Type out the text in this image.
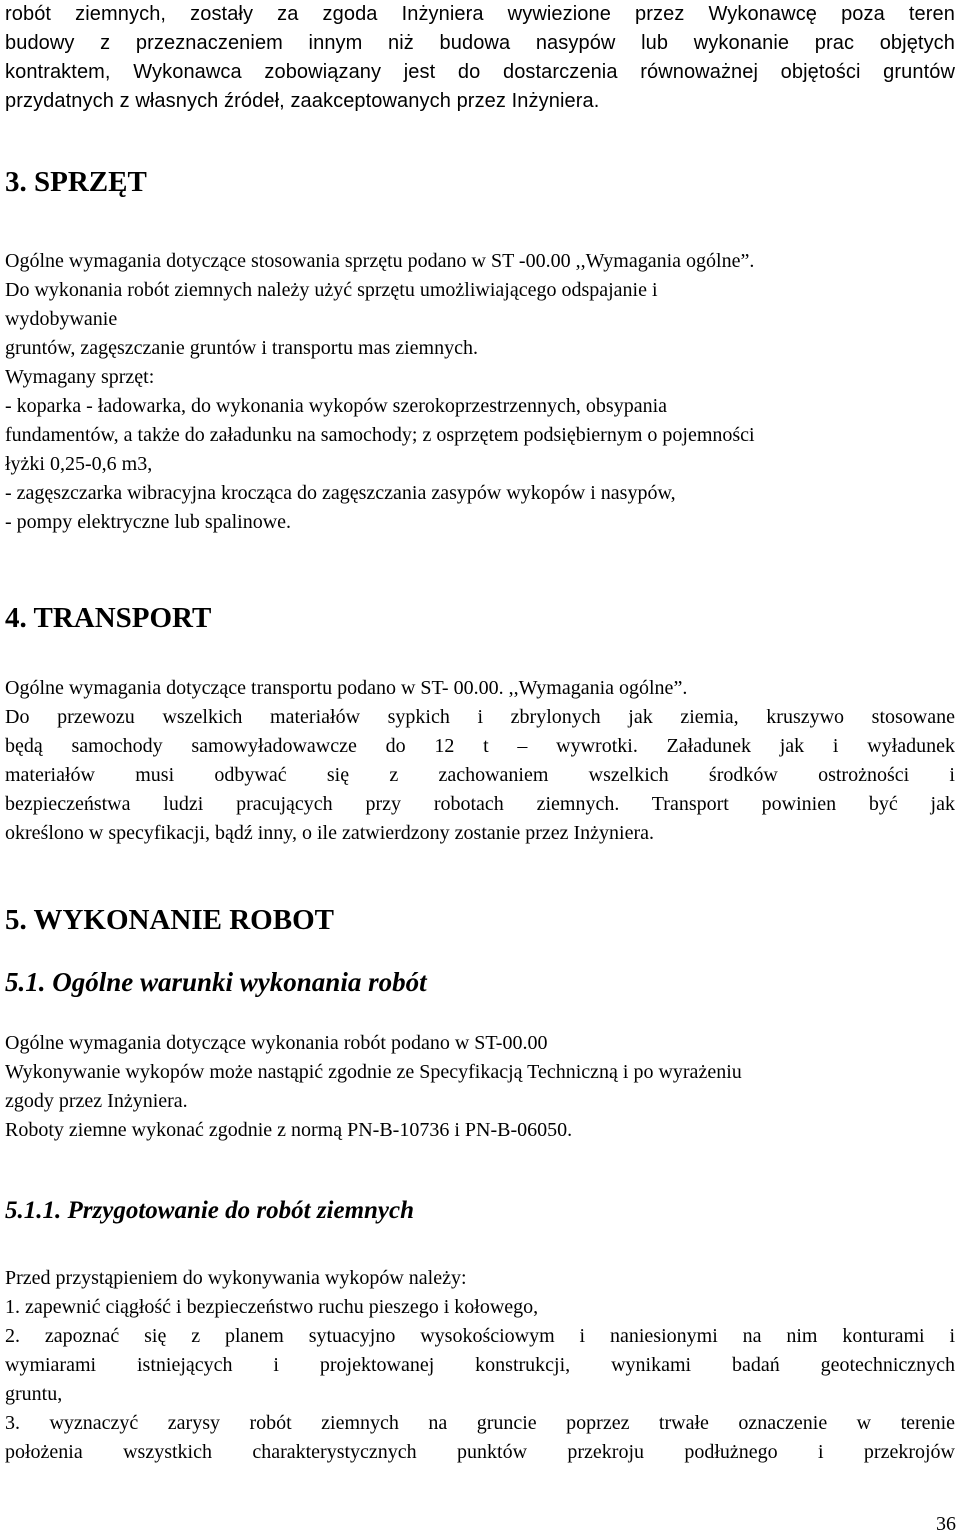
robót ziemnych, zostały za zgoda Inżyniera wywiezione przez Wykonawcę poza teren
budowy z przeznaczeniem innym niż budowa nasypów lub wykonanie prac objętych
kontraktem, Wykonawca zobowiązany jest do dostarczenia równoważnej objętości gruntów
przydatnych z własnych źródeł, zaakceptowanych przez Inżyniera.
3. SPRZĘT
Ogólne wymagania dotyczące stosowania sprzętu podano w ST -00.00 ,,Wymagania ogólne”.
Do wykonania robót ziemnych należy użyć sprzętu umożliwiającego odspajanie i
wydobywanie
gruntów, zagęszczanie gruntów i transportu mas ziemnych.
Wymagany sprzęt:
- koparka - ładowarka, do wykonania wykopów szerokoprzestrzennych, obsypania
fundamentów, a także do załadunku na samochody; z osprzętem podsiębiernym o pojemności
łyżki 0,25-0,6 m3,
- zagęszczarka wibracyjna krocząca do zagęszczania zasypów wykopów i nasypów,
- pompy elektryczne lub spalinowe.
4. TRANSPORT
Ogólne wymagania dotyczące transportu podano w ST- 00.00. ,,Wymagania ogólne”.
Do przewozu wszelkich materiałów sypkich i zbrylonych jak ziemia, kruszywo stosowane
będą samochody samowyładowawcze do 12 t – wywrotki. Załadunek jak i wyładunek
materiałów musi odbywać się z zachowaniem wszelkich środków ostrożności i
bezpieczeństwa ludzi pracujących przy robotach ziemnych. Transport powinien być jak
określono w specyfikacji, bądź inny, o ile zatwierdzony zostanie przez Inżyniera.
5. WYKONANIE ROBOT
5.1. Ogólne warunki wykonania robót
Ogólne wymagania dotyczące wykonania robót podano w ST-00.00
Wykonywanie wykopów może nastąpić zgodnie ze Specyfikacją Techniczną i po wyrażeniu
zgody przez Inżyniera.
Roboty ziemne wykonać zgodnie z normą PN-B-10736 i PN-B-06050.
5.1.1. Przygotowanie do robót ziemnych
Przed przystąpieniem do wykonywania wykopów należy:
1. zapewnić ciągłość i bezpieczeństwo ruchu pieszego i kołowego,
2. zapoznać się z planem sytuacyjno wysokościowym i naniesionymi na nim konturami i
wymiarami istniejących i projektowanej konstrukcji, wynikami badań geotechnicznych
gruntu,
3. wyznaczyć zarysy robót ziemnych na gruncie poprzez trwałe oznaczenie w terenie
położenia wszystkich charakterystycznych punktów przekroju podłużnego i przekrojów
36
